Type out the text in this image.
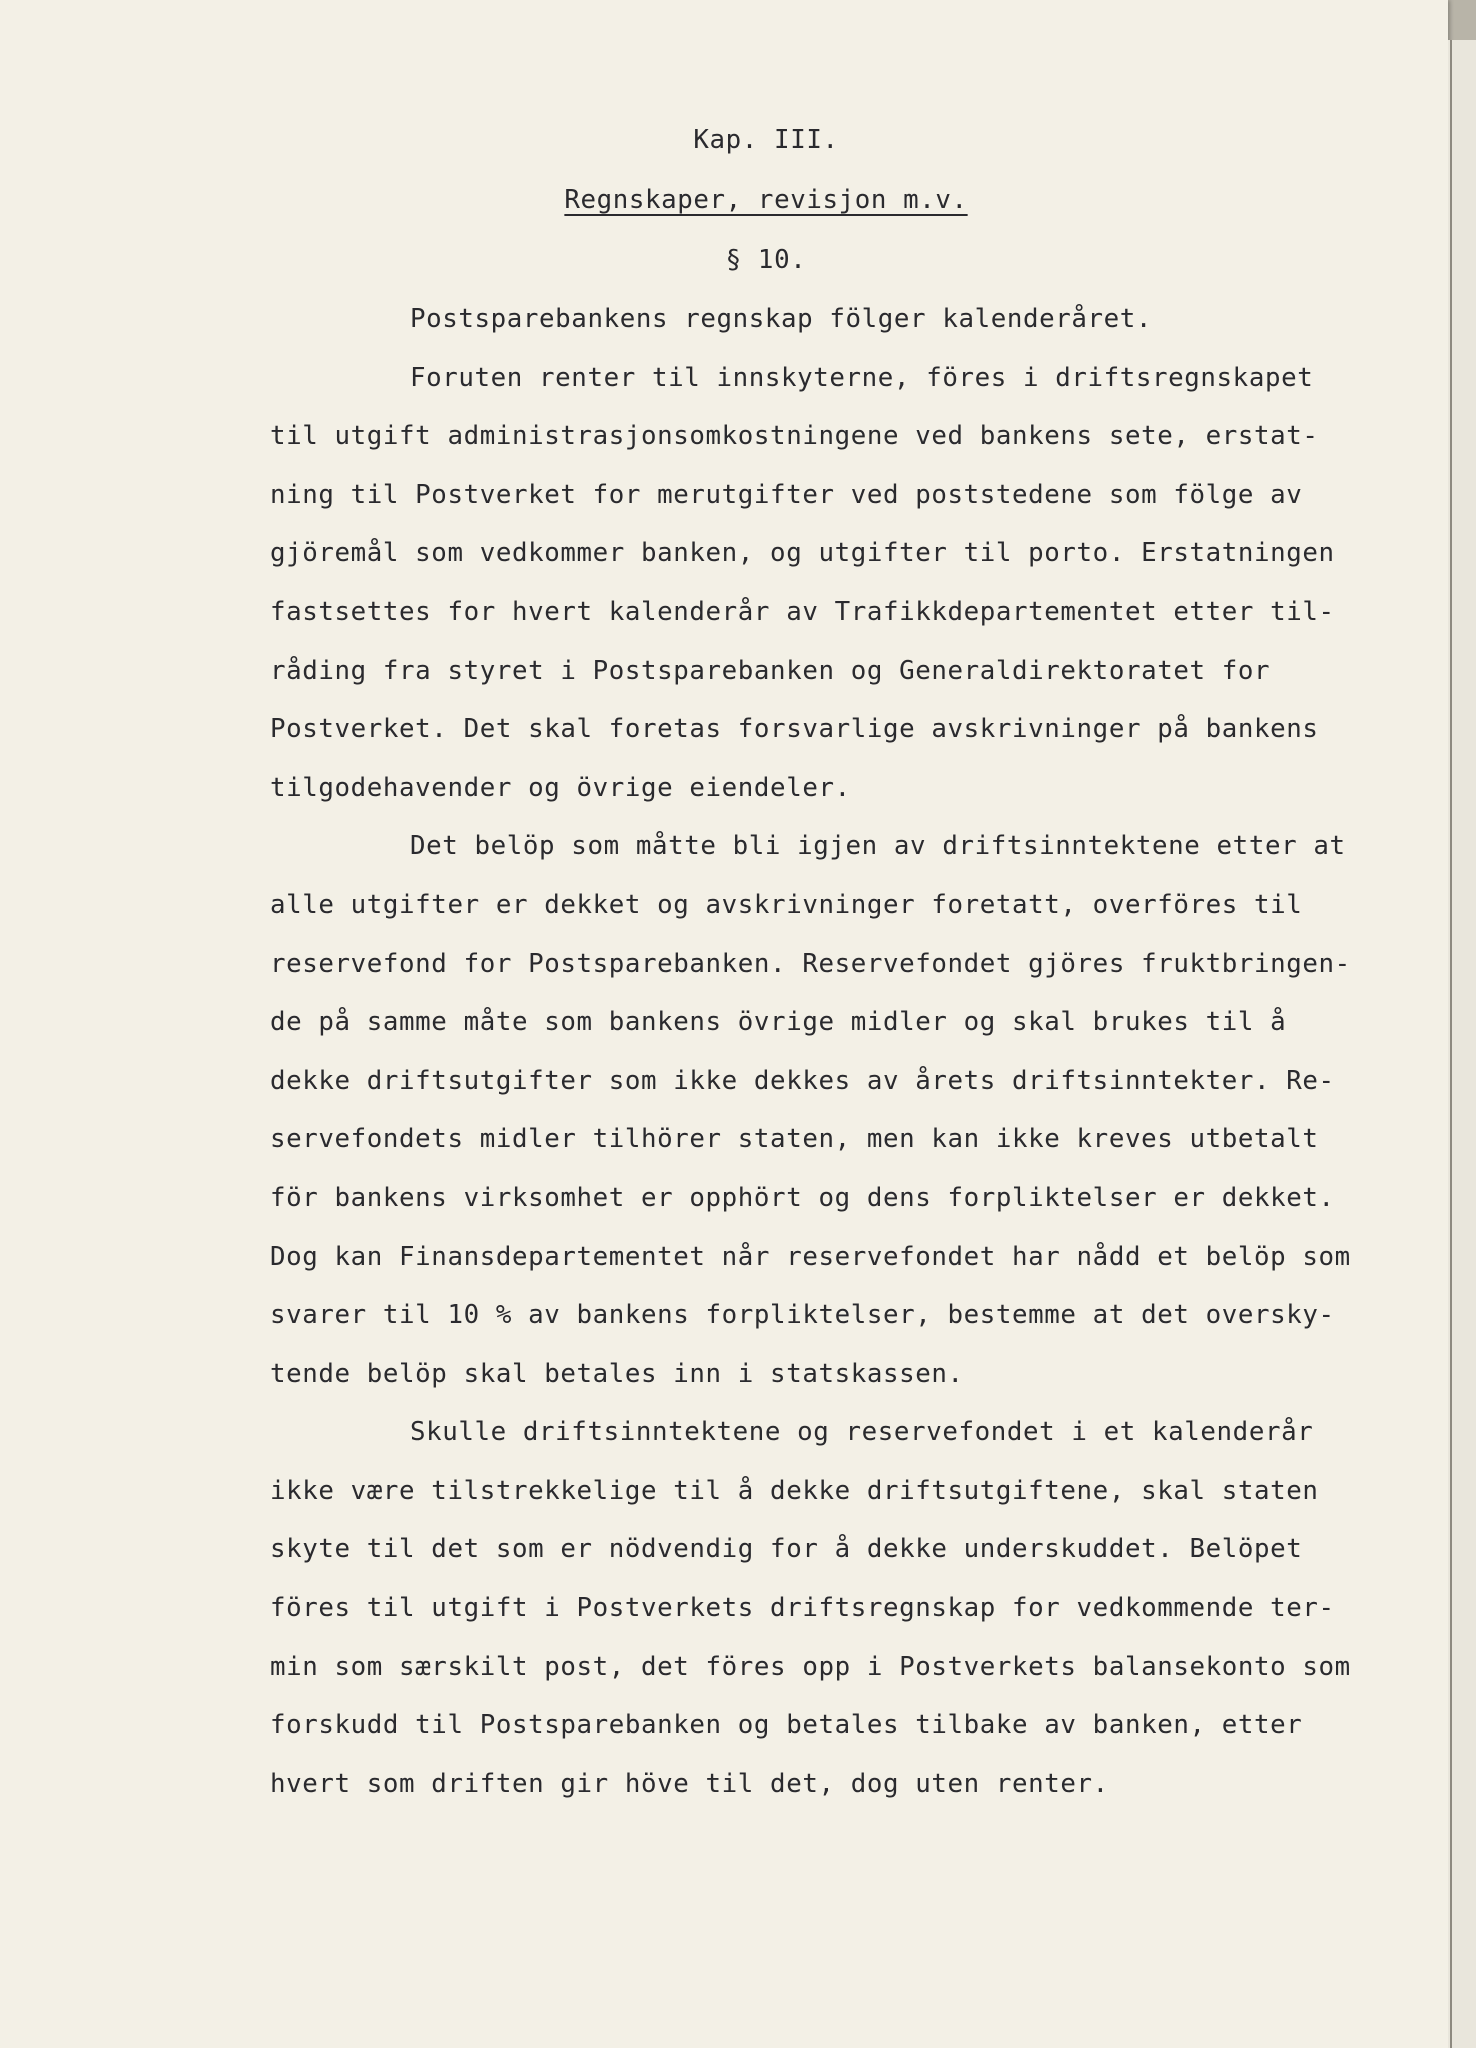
Kap. III.
Regnskaper, revisjon m.v.
§ 10.
Postsparebankens regnskap fölger kalenderåret.
Foruten renter til innskyterne, föres i driftsregnskapet
til utgift administrasjonsomkostningene ved bankens sete, erstat-
ning til Postverket for merutgifter ved poststedene som fölge av
gjöremål som vedkommer banken, og utgifter til porto. Erstatningen
fastsettes for hvert kalenderår av Trafikkdepartementet etter til-
råding fra styret i Postsparebanken og Generaldirektoratet for
Postverket. Det skal foretas forsvarlige avskrivninger på bankens
tilgodehavender og övrige eiendeler.
Det belöp som måtte bli igjen av driftsinntektene etter at
alle utgifter er dekket og avskrivninger foretatt, overföres til
reservefond for Postsparebanken. Reservefondet gjöres fruktbringen-
de på samme måte som bankens övrige midler og skal brukes til å
dekke driftsutgifter som ikke dekkes av årets driftsinntekter. Re-
servefondets midler tilhörer staten, men kan ikke kreves utbetalt
för bankens virksomhet er opphört og dens forpliktelser er dekket.
Dog kan Finansdepartementet når reservefondet har nådd et belöp som
svarer til 10 % av bankens forpliktelser, bestemme at det oversky-
tende belöp skal betales inn i statskassen.
Skulle driftsinntektene og reservefondet i et kalenderår
ikke være tilstrekkelige til å dekke driftsutgiftene, skal staten
skyte til det som er nödvendig for å dekke underskuddet. Belöpet
föres til utgift i Postverkets driftsregnskap for vedkommende ter-
min som særskilt post, det föres opp i Postverkets balansekonto som
forskudd til Postsparebanken og betales tilbake av banken, etter
hvert som driften gir höve til det, dog uten renter.
